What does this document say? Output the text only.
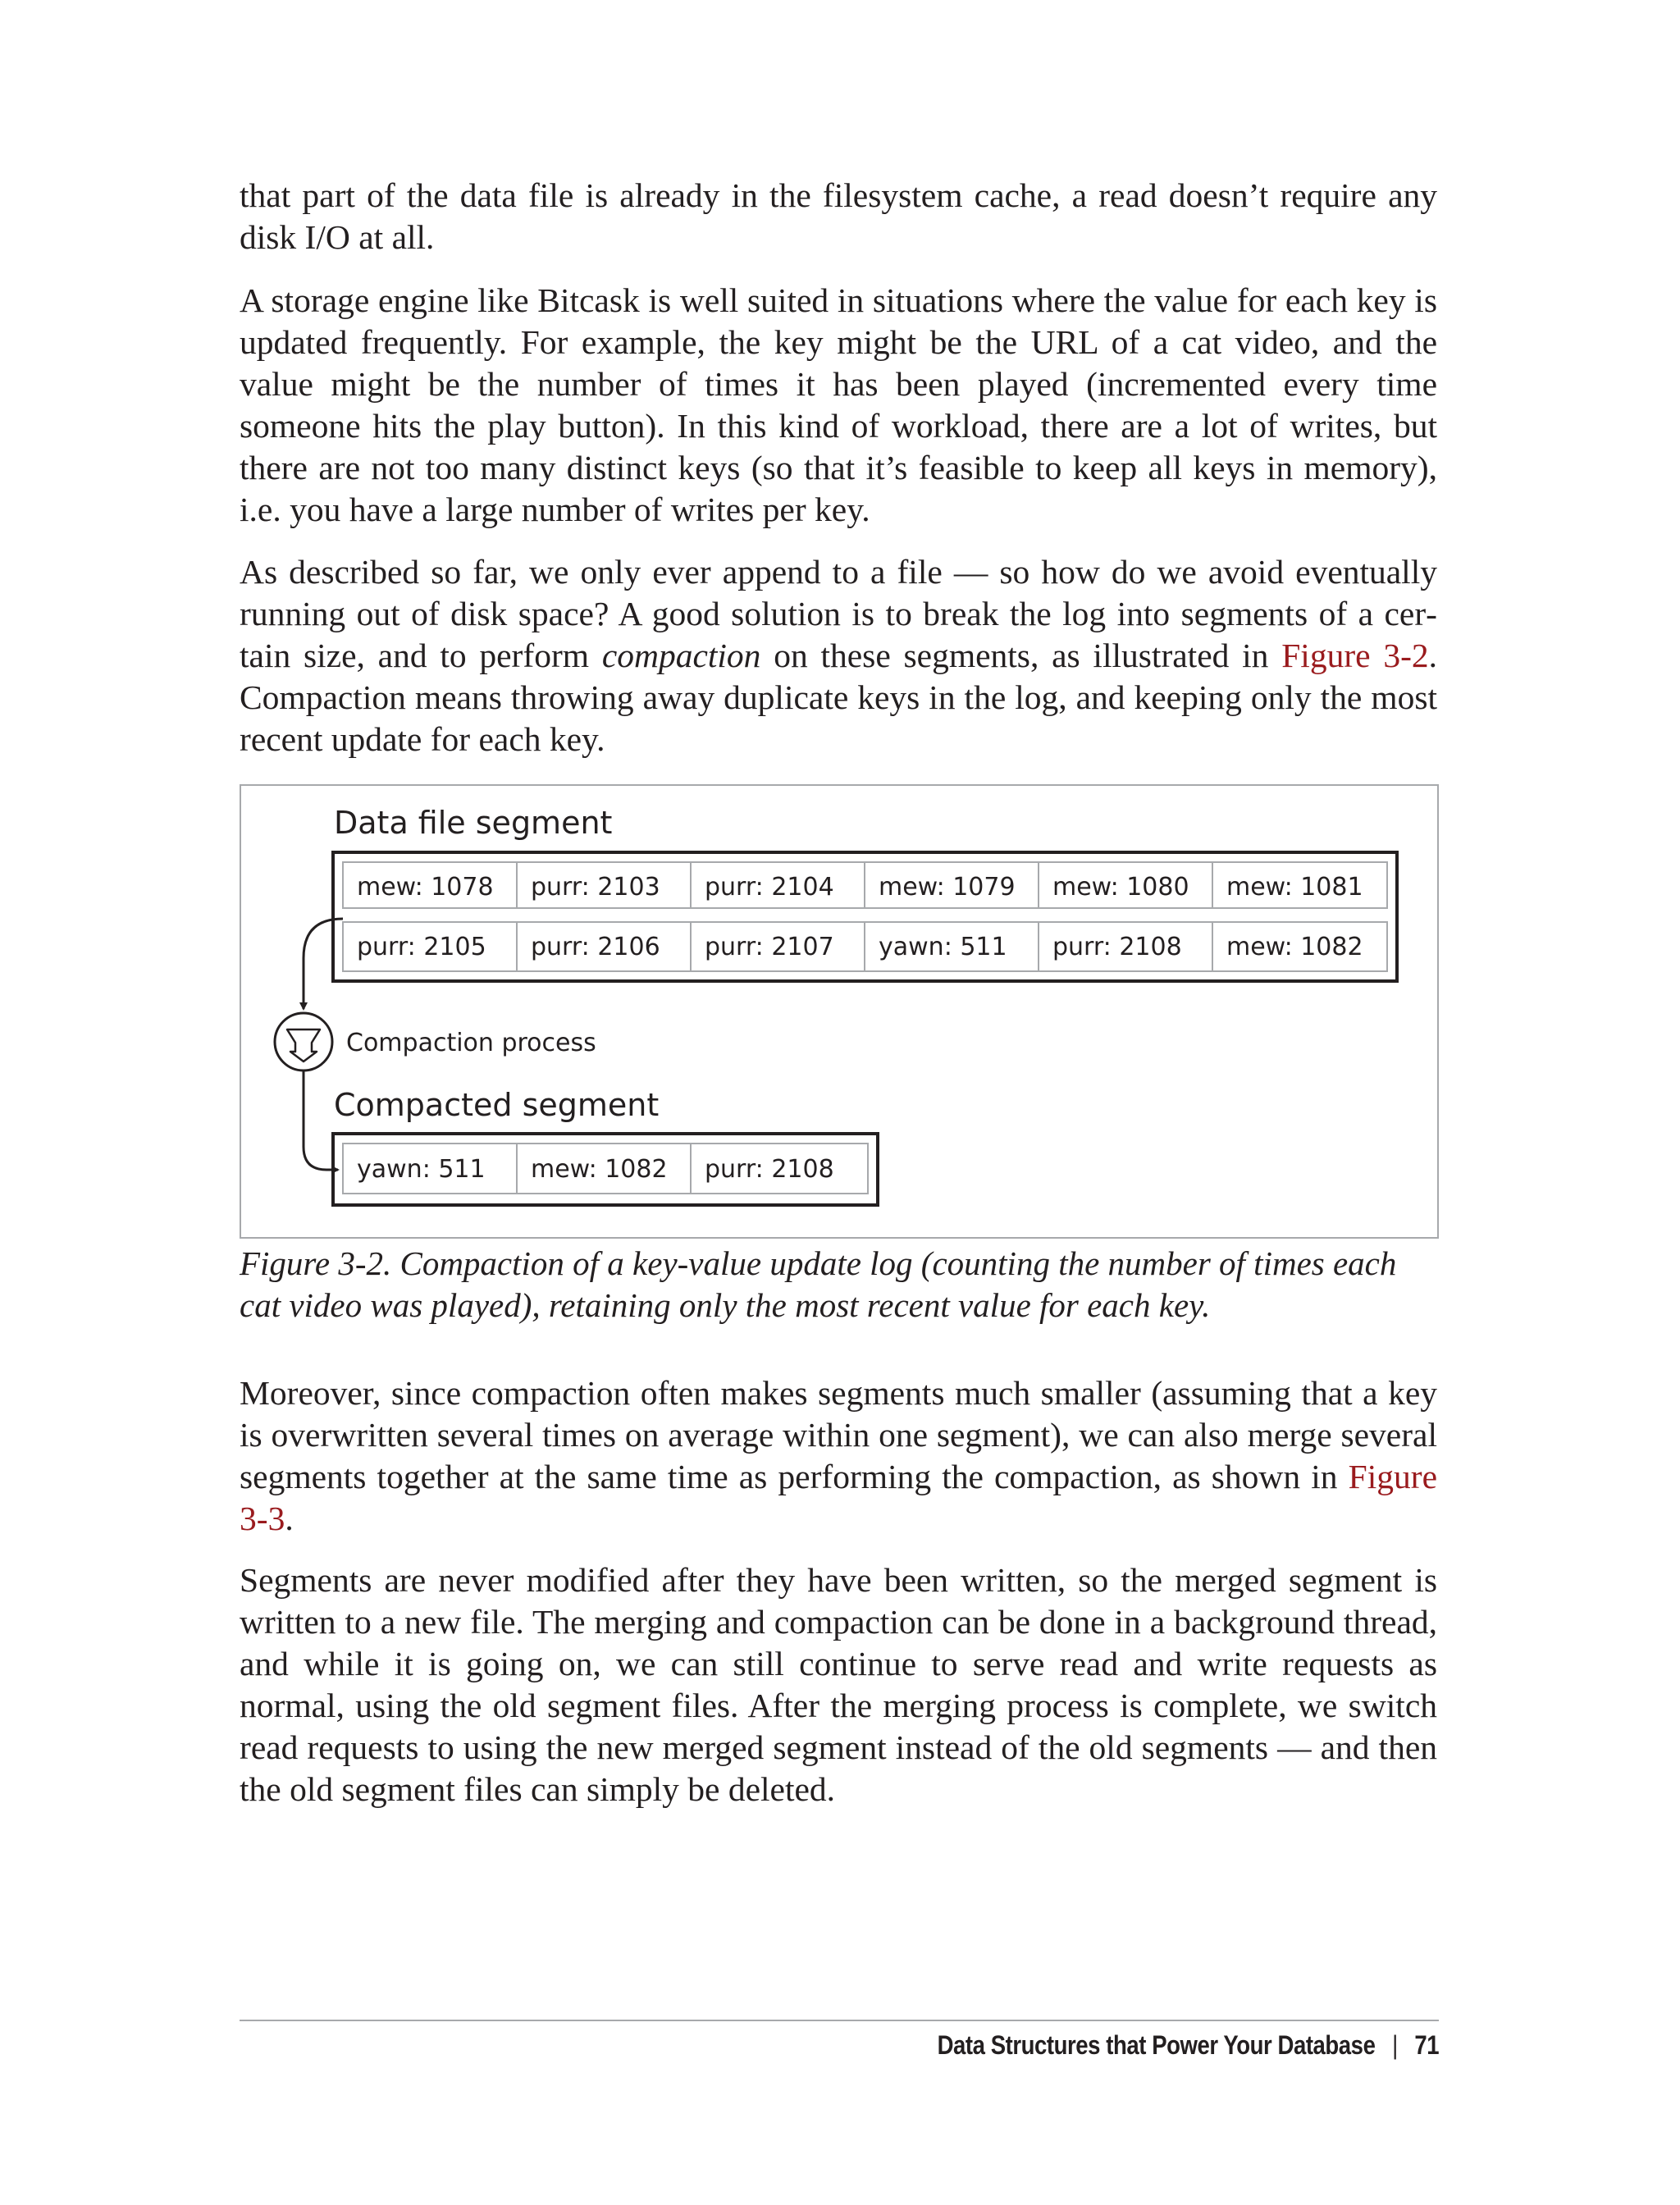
that part of the data file is already in the filesystem cache, a read doesn’t require any disk I/O at all.

A storage engine like Bitcask is well suited in situations where the value for each key is updated frequently. For example, the key might be the URL of a cat video, and the value might be the number of times it has been played (incremented every time someone hits the play button). In this kind of workload, there are a lot of writes, but there are not too many distinct keys (so that it’s feasible to keep all keys in memory), i.e. you have a large number of writes per key.

As described so far, we only ever append to a file — so how do we avoid eventually running out of disk space? A good solution is to break the log into segments of a cer‐tain size, and to perform compaction on these segments, as illustrated in Figure 3-2. Compaction means throwing away duplicate keys in the log, and keeping only the most recent update for each key.

Data file segment
mew: 1078 purr: 2103 purr: 2104 mew: 1079 mew: 1080 mew: 1081
purr: 2105 purr: 2106 purr: 2107 yawn: 511 purr: 2108 mew: 1082
Compaction process
Compacted segment
yawn: 511 mew: 1082 purr: 2108

Figure 3-2. Compaction of a key-value update log (counting the number of times each cat video was played), retaining only the most recent value for each key.

Moreover, since compaction often makes segments much smaller (assuming that a key is overwritten several times on average within one segment), we can also merge several segments together at the same time as performing the compaction, as shown in Figure 3-3.

Segments are never modified after they have been written, so the merged segment is written to a new file. The merging and compaction can be done in a background thread, and while it is going on, we can still continue to serve read and write requests as normal, using the old segment files. After the merging process is complete, we switch read requests to using the new merged segment instead of the old segments — and then the old segment files can simply be deleted.

Data Structures that Power Your Database | 71
